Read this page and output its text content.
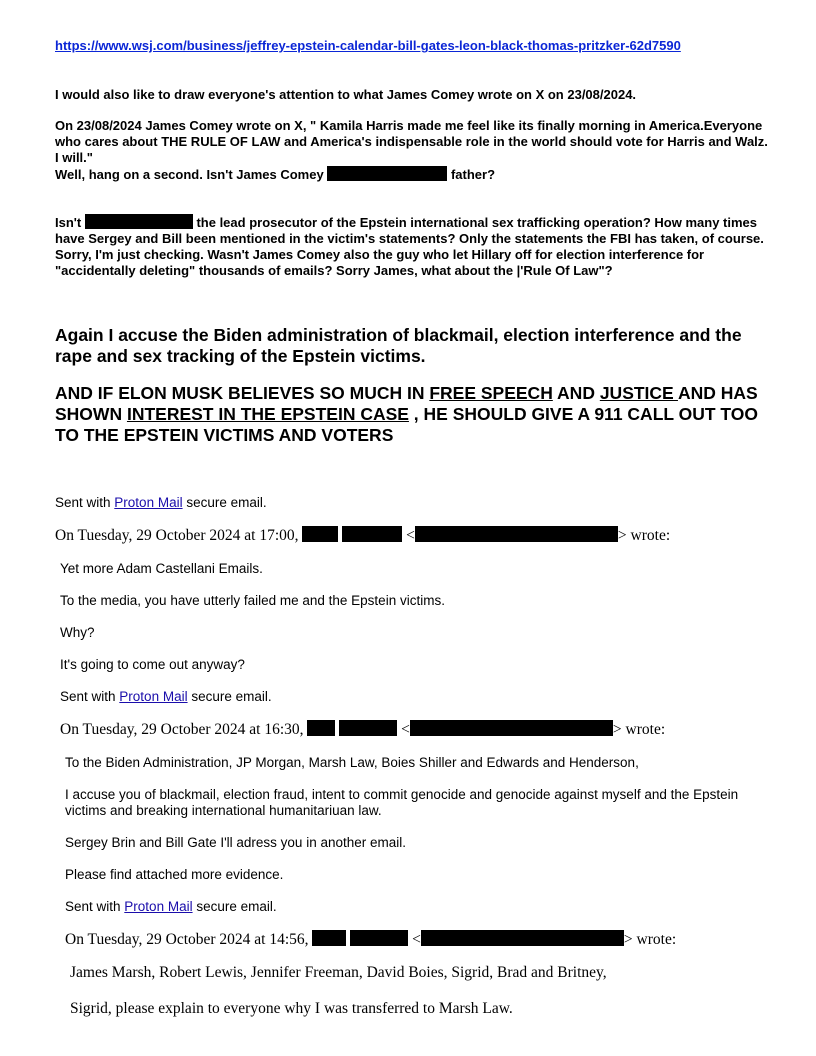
https://www.wsj.com/business/jeffrey-epstein-calendar-bill-gates-leon-black-thomas-pritzker-62d7590
I would also like to draw everyone's attention to what James Comey wrote on X on 23/08/2024.
On 23/08/2024 James Comey wrote on X, " Kamila Harris made me feel like its finally morning in America.Everyone who cares about THE RULE OF LAW and America's indispensable role in the world should vote for Harris and Walz. I will."
Well, hang on a second. Isn't James Comey	father?
Isn't	the lead prosecutor of the Epstein international sex trafficking operation? How many times have Sergey and Bill been mentioned in the victim's statements? Only the statements the FBI has taken, of course. Sorry, I'm just checking. Wasn't James Comey also the guy who let Hillary off for election interference for "accidentally deleting" thousands of emails? Sorry James, what about the |'Rule Of Law"?
Again I accuse the Biden administration of blackmail, election interference and the rape and sex tracking of the Epstein victims.
AND IF ELON MUSK BELIEVES SO MUCH IN FREE SPEECH AND JUSTICE AND HAS SHOWN INTEREST IN THE EPSTEIN CASE , HE SHOULD GIVE A 911 CALL OUT TOO TO THE EPSTEIN VICTIMS AND VOTERS
Sent with Proton Mail secure email.
On Tuesday, 29 October 2024 at 17:00,	<	> wrote:
Yet more Adam Castellani Emails.
To the media, you have utterly failed me and the Epstein victims.
Why?
It's going to come out anyway?
Sent with Proton Mail secure email.
On Tuesday, 29 October 2024 at 16:30,	<	> wrote:
To the Biden Administration, JP Morgan, Marsh Law, Boies Shiller and Edwards and Henderson,
I accuse you of blackmail, election fraud, intent to commit genocide and genocide against myself and the Epstein victims and breaking international humanitariuan law.
Sergey Brin and Bill Gate I'll adress you in another email.
Please find attached more evidence.
Sent with Proton Mail secure email.
On Tuesday, 29 October 2024 at 14:56,	<	> wrote:
James Marsh, Robert Lewis, Jennifer Freeman, David Boies, Sigrid, Brad and Britney,
Sigrid, please explain to everyone why I was transferred to Marsh Law.
